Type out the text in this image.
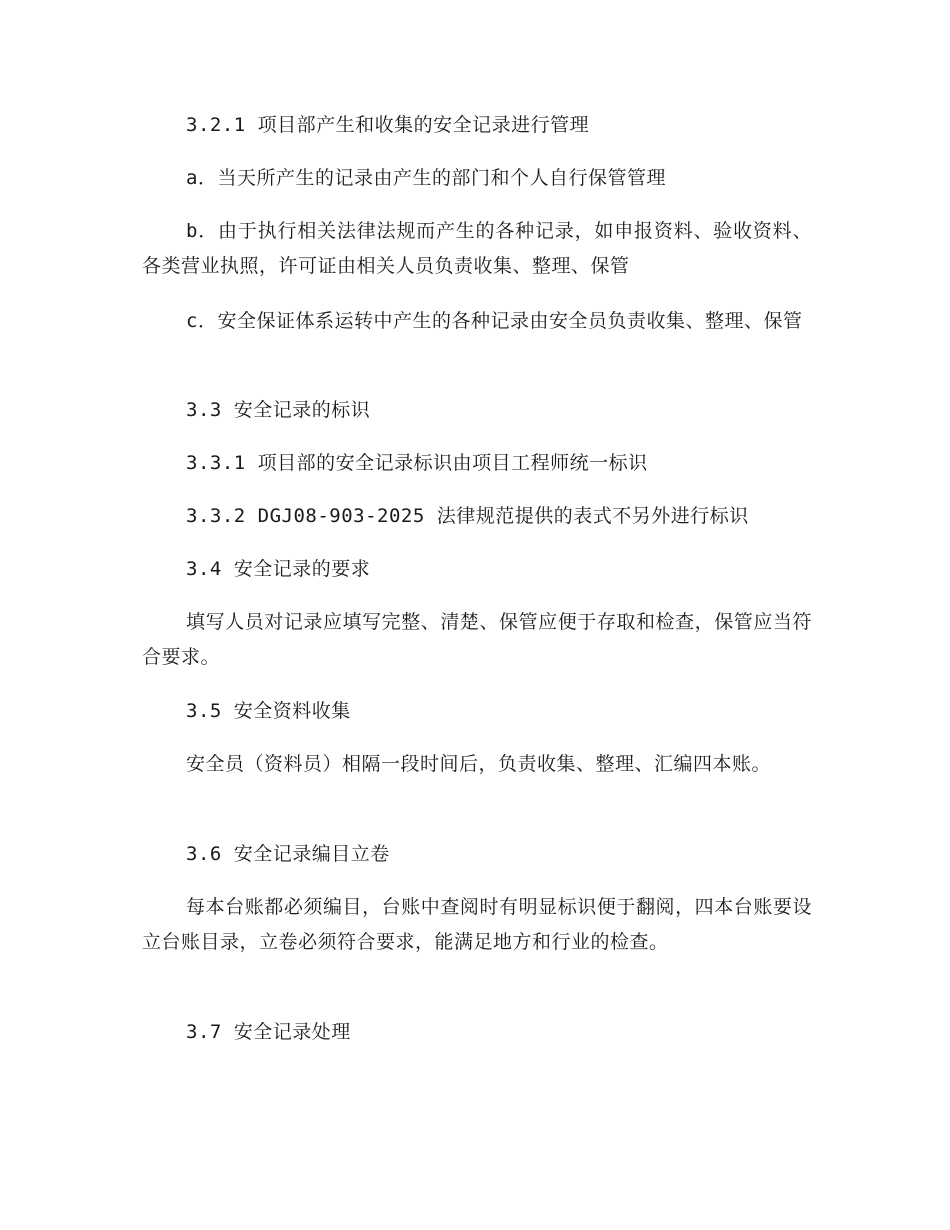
3.2.1 项目部产生和收集的安全记录进行管理

a．当天所产生的记录由产生的部门和个人自行保管管理

b．由于执行相关法律法规而产生的各种记录，如申报资料、验收资料、各类营业执照，许可证由相关人员负责收集、整理、保管

c．安全保证体系运转中产生的各种记录由安全员负责收集、整理、保管

3.3 安全记录的标识

3.3.1 项目部的安全记录标识由项目工程师统一标识

3.3.2 DGJ08-903-2025 法律规范提供的表式不另外进行标识

3.4 安全记录的要求

填写人员对记录应填写完整、清楚、保管应便于存取和检查，保管应当符合要求。

3.5 安全资料收集

安全员（资料员）相隔一段时间后，负责收集、整理、汇编四本账。

3.6 安全记录编目立卷

每本台账都必须编目，台账中查阅时有明显标识便于翻阅，四本台账要设立台账目录，立卷必须符合要求，能满足地方和行业的检查。

3.7 安全记录处理
